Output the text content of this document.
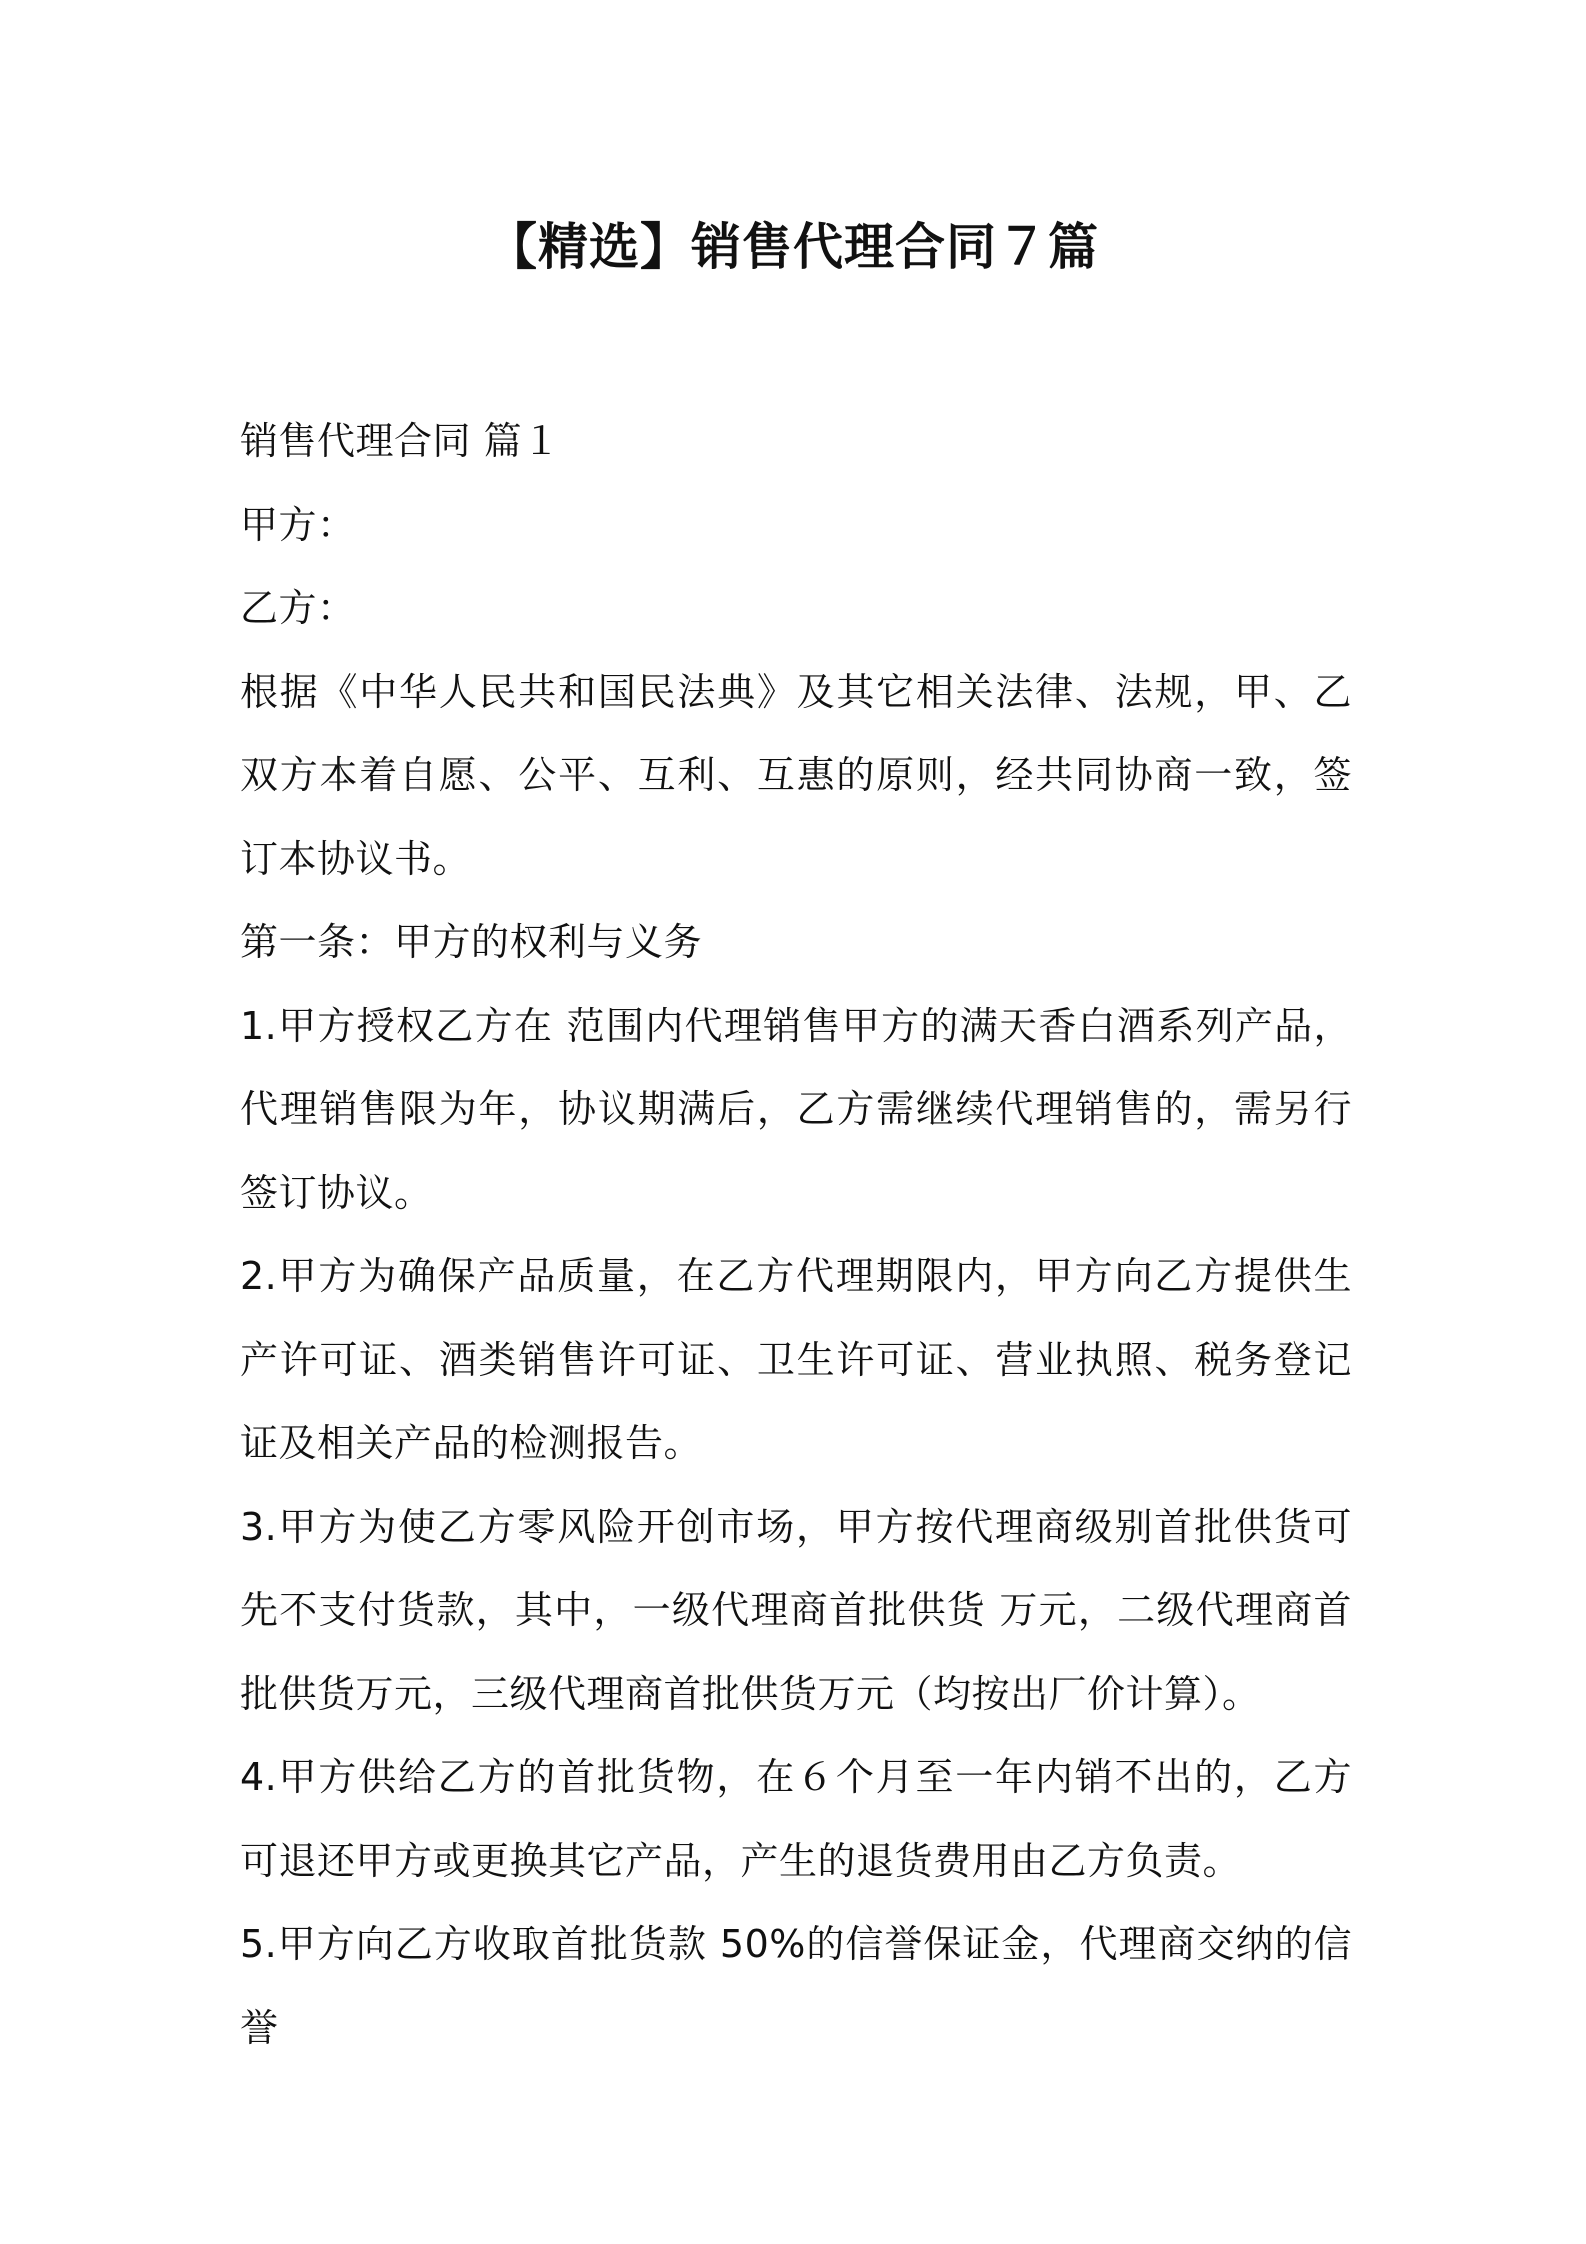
【精选】销售代理合同７篇

销售代理合同 篇１

甲方：

乙方：

根据《中华人民共和国民法典》及其它相关法律、法规，甲、乙双方本着自愿、公平、互利、互惠的原则，经共同协商一致，签订本协议书。

第一条：甲方的权利与义务

1.甲方授权乙方在 范围内代理销售甲方的满天香白酒系列产品，代理销售限为年，协议期满后，乙方需继续代理销售的，需另行签订协议。

2.甲方为确保产品质量，在乙方代理期限内，甲方向乙方提供生产许可证、酒类销售许可证、卫生许可证、营业执照、税务登记证及相关产品的检测报告。

3.甲方为使乙方零风险开创市场，甲方按代理商级别首批供货可先不支付货款，其中，一级代理商首批供货 万元，二级代理商首批供货万元，三级代理商首批供货万元（均按出厂价计算）。

4.甲方供给乙方的首批货物，在６个月至一年内销不出的，乙方可退还甲方或更换其它产品，产生的退货费用由乙方负责。

5.甲方向乙方收取首批货款 50%的信誉保证金，代理商交纳的信誉
